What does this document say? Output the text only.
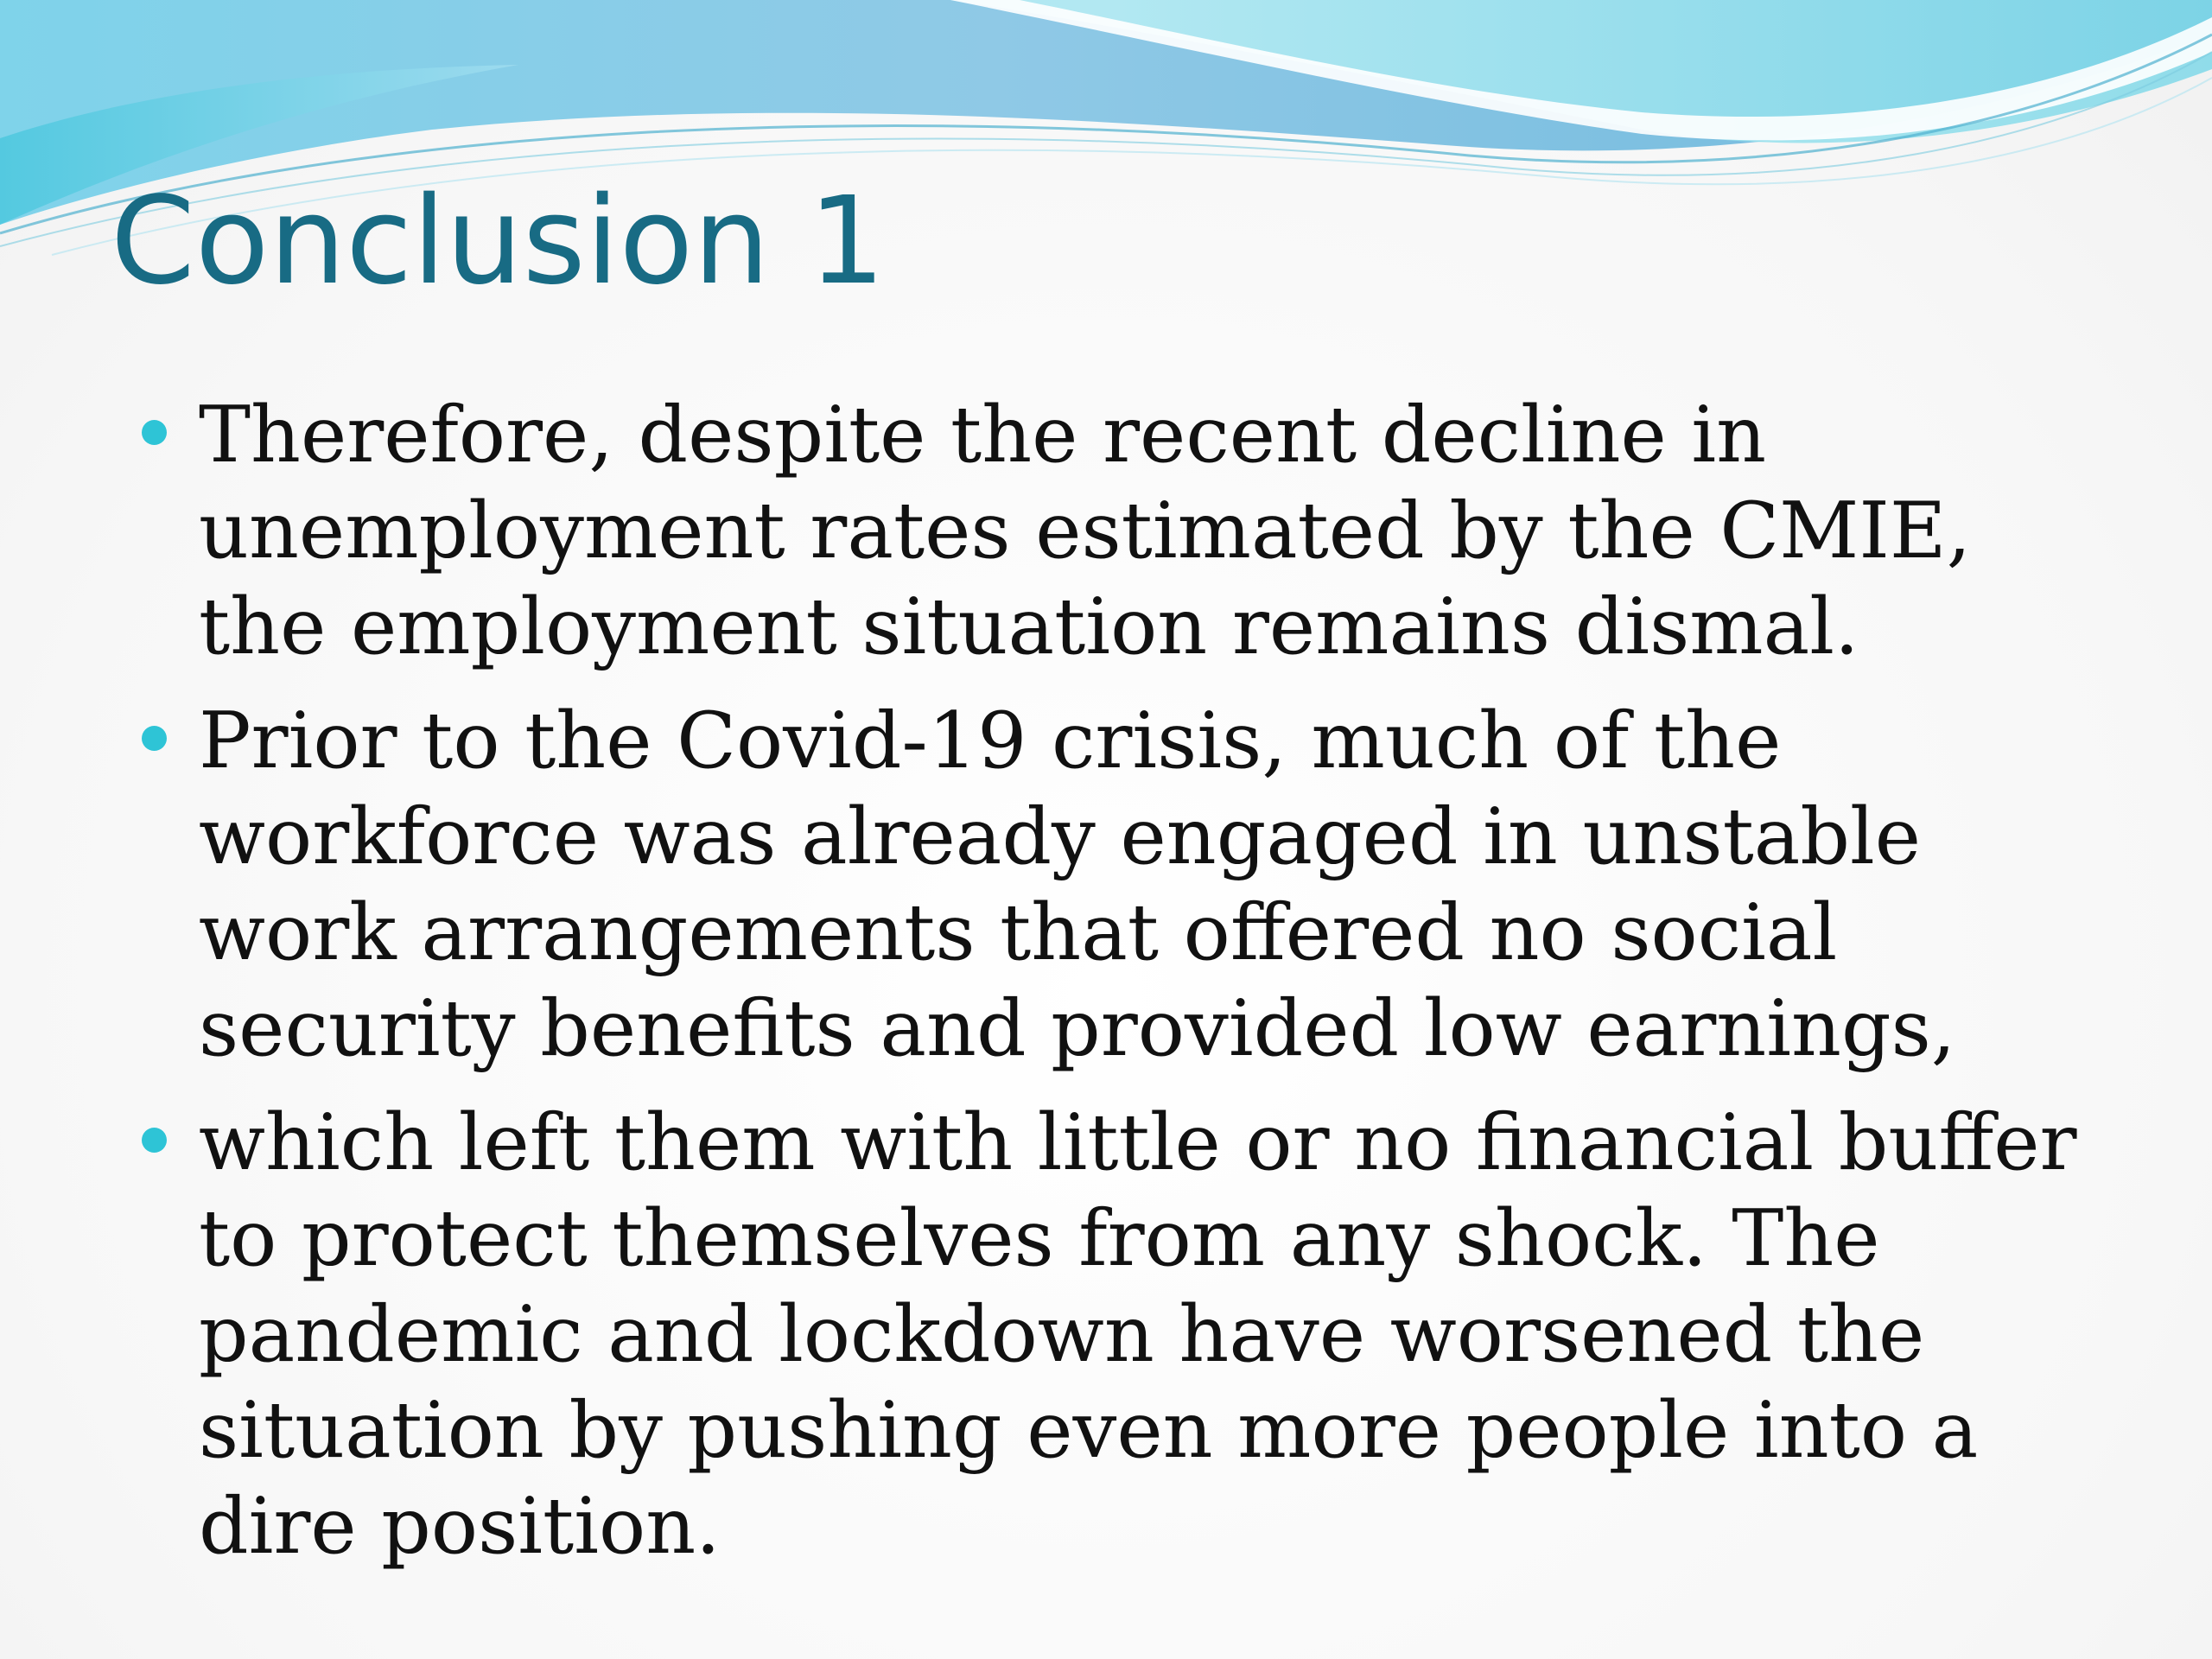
Conclusion 1
Therefore, despite the recent decline in unemployment rates estimated by the CMIE, the employment situation remains dismal.
Prior to the Covid-19 crisis, much of the workforce was already engaged in unstable work arrangements that offered no social security benefits and provided low earnings,
which left them with little or no financial buffer to protect themselves from any shock. The pandemic and lockdown have worsened the situation by pushing even more people into a dire position.
